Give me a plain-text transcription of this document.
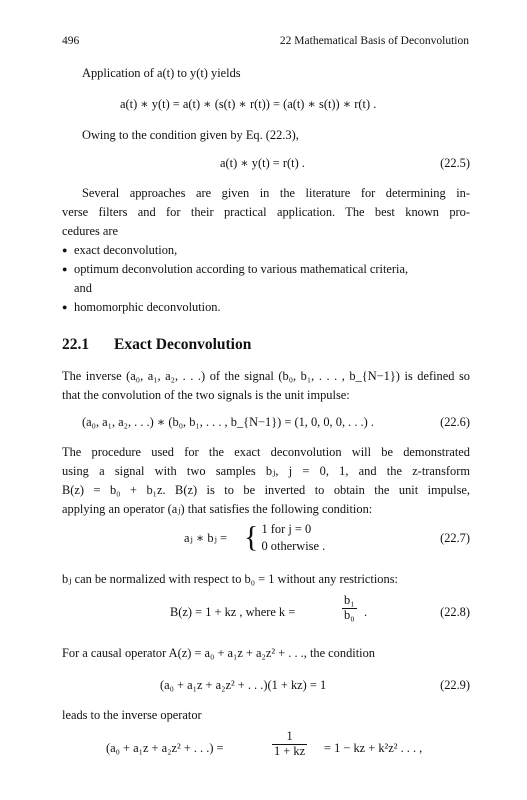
496	22 Mathematical Basis of Deconvolution
Application of a(t) to y(t) yields
a(t) ∗ y(t) = a(t) ∗ (s(t) ∗ r(t)) = (a(t) ∗ s(t)) ∗ r(t) .
Owing to the condition given by Eq. (22.3),
a(t) ∗ y(t) = r(t) .	(22.5)
Several approaches are given in the literature for determining in-
verse filters and for their practical application. The best known pro-
cedures are
● exact deconvolution,
● optimum deconvolution according to various mathematical criteria,
and
● homomorphic deconvolution.
22.1 Exact Deconvolution
The inverse (a₀, a₁, a₂, . . .) of the signal (b₀, b₁, . . . , b_{N−1}) is defined so
that the convolution of the two signals is the unit impulse:
(a₀, a₁, a₂, . . .) ∗ (b₀, b₁, . . . , b_{N−1}) = (1, 0, 0, 0, . . .) .	(22.6)
The procedure used for the exact deconvolution will be demonstrated
using a signal with two samples bⱼ, j = 0, 1, and the z-transform
B(z) = b₀ + b₁z. B(z) is to be inverted to obtain the unit impulse,
applying an operator (aⱼ) that satisfies the following condition:
aⱼ ∗ bⱼ = { 1 for j = 0
0 otherwise .
(22.7)
bⱼ can be normalized with respect to b₀ = 1 without any restrictions:
B(z) = 1 + kz , where k =	$\frac{\text{b₁}}{\text{b₀}}$ .	(22.8)
For a causal operator A(z) = a₀ + a₁z + a₂z² + . . ., the condition
(a₀ + a₁z + a₂z² + . . .)(1 + kz) = 1	(22.9)
leads to the inverse operator
(a₀ + a₁z + a₂z² + . . .) =	$\frac{1}{1 + kz} = 1$ − kz + k²z² . . . ,
